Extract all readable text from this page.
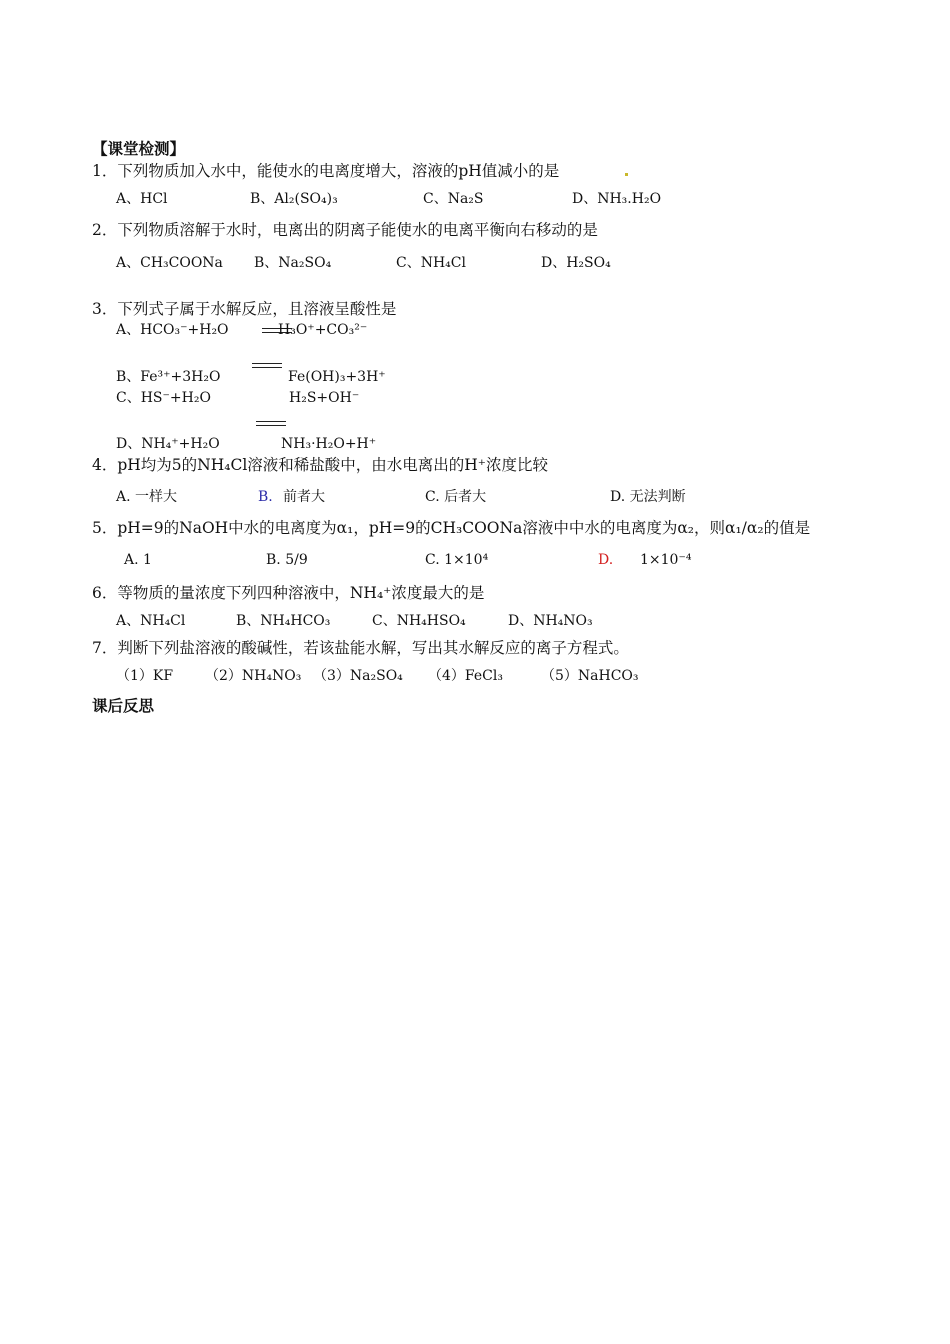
【课堂检测】
1．下列物质加入水中，能使水的电离度增大，溶液的pH值减小的是
A、HCl	B、Al₂(SO₄)₃	C、Na₂S	D、NH₃.H₂O
2．下列物质溶解于水时，电离出的阴离子能使水的电离平衡向右移动的是
A、CH₃COONa B、Na₂SO₄	C、NH₄Cl	D、H₂SO₄
3．下列式子属于水解反应，且溶液呈酸性是
A、HCO₃⁻+H₂O	H₃O⁺+CO₃²⁻
B、Fe³⁺+3H₂O	Fe(OH)₃+3H⁺
C、HS⁻+H₂O	H₂S+OH⁻
D、NH₄⁺+H₂O	NH₃·H₂O+H⁺
4．pH均为5的NH₄Cl溶液和稀盐酸中，由水电离出的H⁺浓度比较
A. 一样大	B. 前者大	C. 后者大	D. 无法判断
5．pH=9的NaOH中水的电离度为α₁，pH=9的CH₃COONa溶液中中水的电离度为α₂，则α₁/α₂的值是
A. 1	B. 5/9	C. 1×10⁴	D. 1×10⁻⁴
6．等物质的量浓度下列四种溶液中，NH₄⁺浓度最大的是
A、NH₄Cl	B、NH₄HCO₃	C、NH₄HSO₄	D、NH₄NO₃
7．判断下列盐溶液的酸碱性，若该盐能水解，写出其水解反应的离子方程式。
（1）KF （2）NH₄NO₃ （3）Na₂SO₄ （4）FeCl₃	（5）NaHCO₃
课后反思
